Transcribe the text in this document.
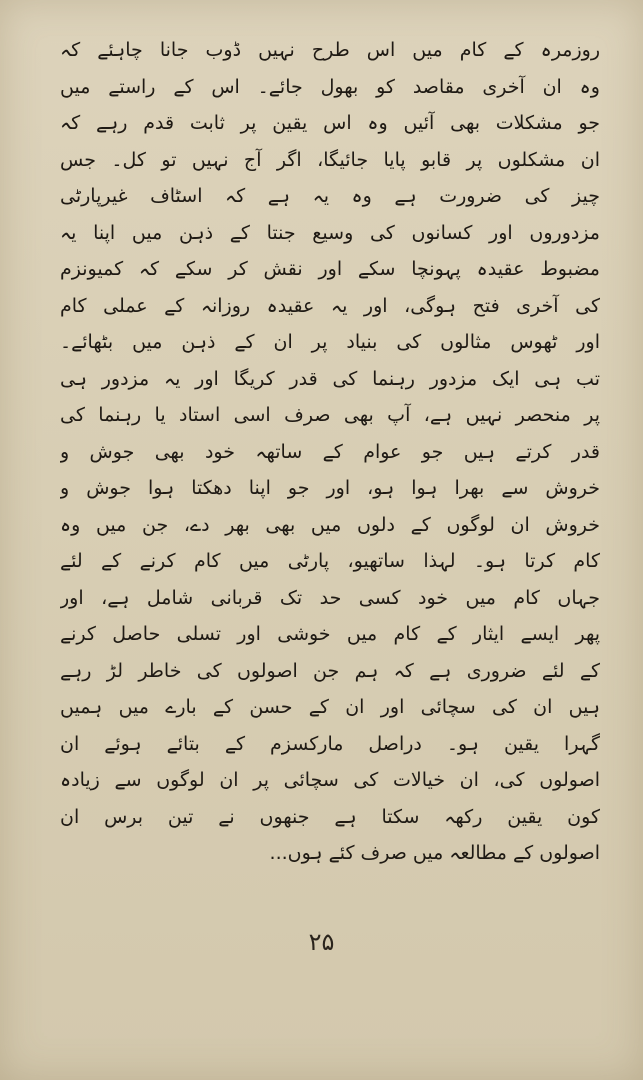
روزمرہ کے کام میں اس طرح نہیں ڈوب جانا چاہئے کہ
وہ ان آخری مقاصد کو بھول جائے۔ اس کے راستے میں
جو مشکلات بھی آئیں وہ اس یقین پر ثابت قدم رہے کہ
ان مشکلوں پر قابو پایا جائیگا، اگر آج نہیں تو کل۔ جس
چیز کی ضرورت ہے وہ یہ ہے کہ اسٹاف غیرپارٹی
مزدوروں اور کسانوں کی وسیع جنتا کے ذہن میں اپنا یہ
مضبوط عقیدہ پہونچا سکے اور نقش کر سکے کہ کمیونزم
کی آخری فتح ہوگی، اور یہ عقیدہ روزانہ کے عملی کام
اور ٹھوس مثالوں کی بنیاد پر ان کے ذہن میں بٹھائے۔
تب ہی ایک مزدور رہنما کی قدر کریگا اور یہ مزدور ہی
پر منحصر نہیں ہے، آپ بھی صرف اسی استاد یا رہنما کی
قدر کرتے ہیں جو عوام کے ساتھہ خود بھی جوش و
خروش سے بھرا ہوا ہو، اور جو اپنا دھکتا ہوا جوش و
خروش ان لوگوں کے دلوں میں بھی بھر دے، جن میں وہ
کام کرتا ہو۔ لہذا ساتھیو، پارٹی میں کام کرنے کے لئے
جہاں کام میں خود کسی حد تک قربانی شامل ہے، اور
پھر ایسے ایثار کے کام میں خوشی اور تسلی حاصل کرنے
کے لئے ضروری ہے کہ ہم جن اصولوں کی خاطر لڑ رہے
ہیں ان کی سچائی اور ان کے حسن کے بارے میں ہمیں
گہرا یقین ہو۔ دراصل مارکسزم کے بتائے ہوئے ان
اصولوں کی، ان خیالات کی سچائی پر ان لوگوں سے زیادہ
کون یقین رکھہ سکتا ہے جنھوں نے تین برس ان
اصولوں کے مطالعہ میں صرف کئے ہوں...
۲۵
